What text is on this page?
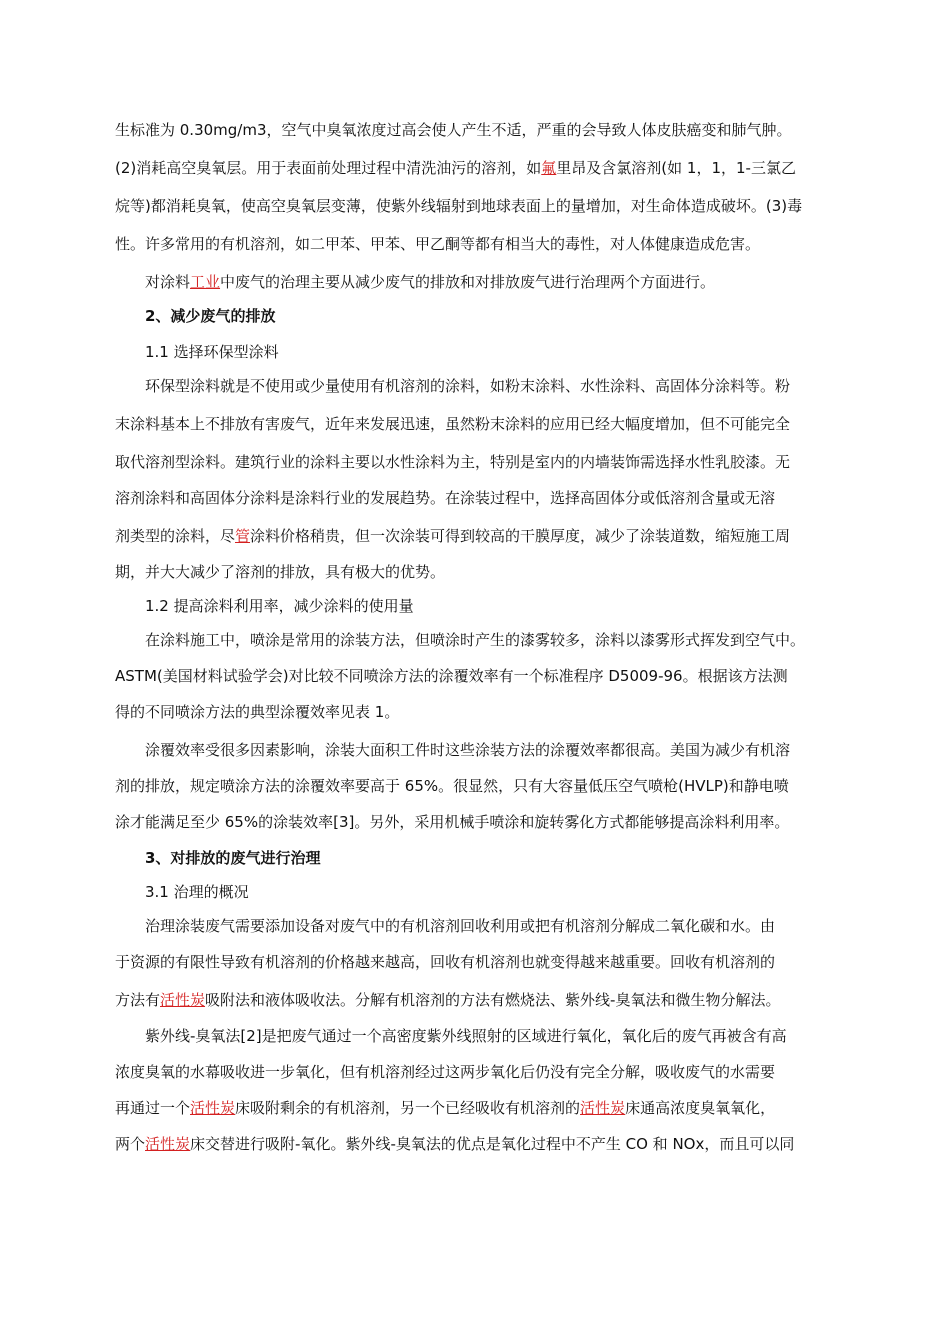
生标准为 0.30mg/m3，空气中臭氧浓度过高会使人产生不适，严重的会导致人体皮肤癌变和肺气肿。
(2)消耗高空臭氧层。用于表面前处理过程中清洗油污的溶剂，如氟里昂及含氯溶剂(如 1，1，1-三氯乙
烷等)都消耗臭氧，使高空臭氧层变薄，使紫外线辐射到地球表面上的量增加，对生命体造成破坏。(3)毒
性。许多常用的有机溶剂，如二甲苯、甲苯、甲乙酮等都有相当大的毒性，对人体健康造成危害。
对涂料工业中废气的治理主要从减少废气的排放和对排放废气进行治理两个方面进行。
2、减少废气的排放
1.1 选择环保型涂料
环保型涂料就是不使用或少量使用有机溶剂的涂料，如粉末涂料、水性涂料、高固体分涂料等。粉
末涂料基本上不排放有害废气，近年来发展迅速，虽然粉末涂料的应用已经大幅度增加，但不可能完全
取代溶剂型涂料。建筑行业的涂料主要以水性涂料为主，特别是室内的内墙装饰需选择水性乳胶漆。无
溶剂涂料和高固体分涂料是涂料行业的发展趋势。在涂装过程中，选择高固体分或低溶剂含量或无溶
剂类型的涂料，尽管涂料价格稍贵，但一次涂装可得到较高的干膜厚度，减少了涂装道数，缩短施工周
期，并大大减少了溶剂的排放，具有极大的优势。
1.2 提高涂料利用率，减少涂料的使用量
在涂料施工中，喷涂是常用的涂装方法，但喷涂时产生的漆雾较多，涂料以漆雾形式挥发到空气中。
ASTM(美国材料试验学会)对比较不同喷涂方法的涂覆效率有一个标准程序 D5009-96。根据该方法测
得的不同喷涂方法的典型涂覆效率见表 1。
涂覆效率受很多因素影响，涂装大面积工件时这些涂装方法的涂覆效率都很高。美国为减少有机溶
剂的排放，规定喷涂方法的涂覆效率要高于 65%。很显然，只有大容量低压空气喷枪(HVLP)和静电喷
涂才能满足至少 65%的涂装效率[3]。另外，采用机械手喷涂和旋转雾化方式都能够提高涂料利用率。
3、对排放的废气进行治理
3.1 治理的概况
治理涂装废气需要添加设备对废气中的有机溶剂回收利用或把有机溶剂分解成二氧化碳和水。由
于资源的有限性导致有机溶剂的价格越来越高，回收有机溶剂也就变得越来越重要。回收有机溶剂的
方法有活性炭吸附法和液体吸收法。分解有机溶剂的方法有燃烧法、紫外线-臭氧法和微生物分解法。
紫外线-臭氧法[2]是把废气通过一个高密度紫外线照射的区域进行氧化，氧化后的废气再被含有高
浓度臭氧的水幕吸收进一步氧化，但有机溶剂经过这两步氧化后仍没有完全分解，吸收废气的水需要
再通过一个活性炭床吸附剩余的有机溶剂，另一个已经吸收有机溶剂的活性炭床通高浓度臭氧氧化，
两个活性炭床交替进行吸附-氧化。紫外线-臭氧法的优点是氧化过程中不产生 CO 和 NOx，而且可以同
